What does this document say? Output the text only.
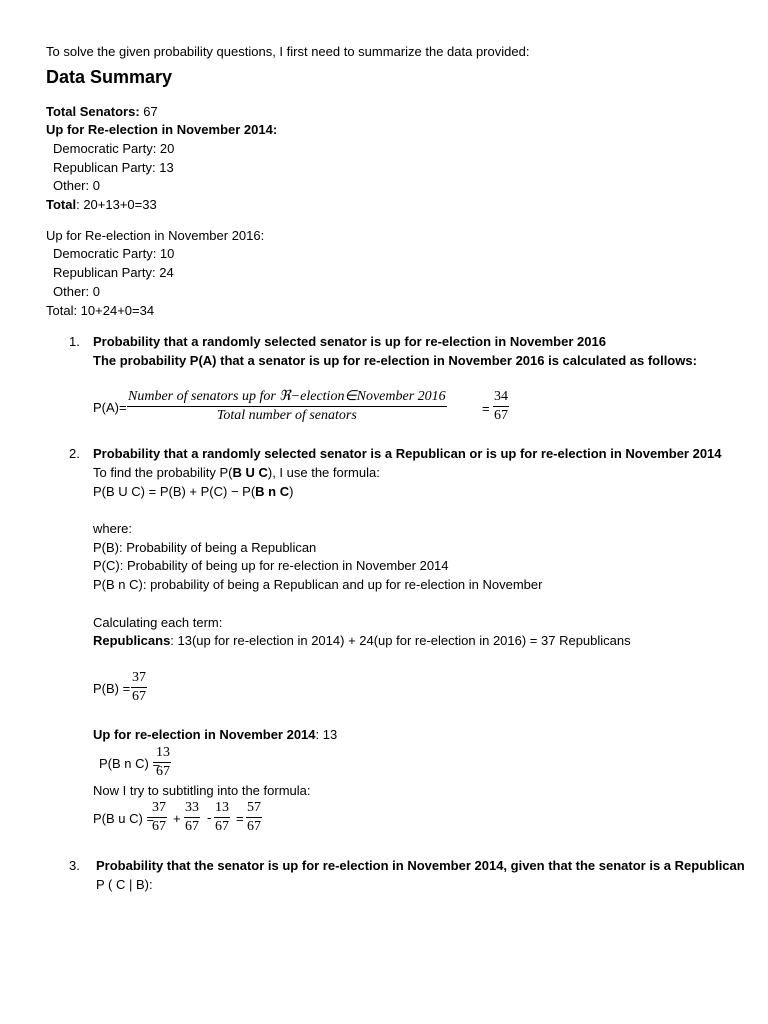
To solve the given probability questions, I first need to summarize the data provided:
Data Summary
Total Senators: 67
Up for Re-election in November 2014:
Democratic Party: 20
Republican Party: 13
Other: 0
Total: 20+13+0=33
Up for Re-election in November 2016:
Democratic Party: 10
Republican Party: 24
Other: 0
Total: 10+24+0=34
1. Probability that a randomly selected senator is up for re-election in November 2016
The probability P(A) that a senator is up for re-election in November 2016 is calculated as follows:
P(A)=
Number of senators up for ℜ−election∈November 2016
Total number of senators	= $\frac{34}{67}$
2. Probability that a randomly selected senator is a Republican or is up for re-election in November 2014
To find the probability P(B U C), I use the formula:
P(B U C) = P(B) + P(C) − P(B n C)
where:
P(B): Probability of being a Republican
P(C): Probability of being up for re-election in November 2014
P(B n C): probability of being a Republican and up for re-election in November
Calculating each term:
Republicans: 13(up for re-election in 2014) + 24(up for re-election in 2016) = 37 Republicans
$P(B) = \frac{37}{67}$
Up for re-election in November 2014: 13
P(B n C) =
$\frac{13}{67}$
Now I try to subtitling into the formula:
P(B u C) =
$\frac{37}{67} + \frac{33}{67} - \frac{13}{67} = \frac{57}{67}$
3. Probability that the senator is up for re-election in November 2014, given that the senator is a Republican
P ( C | B):
